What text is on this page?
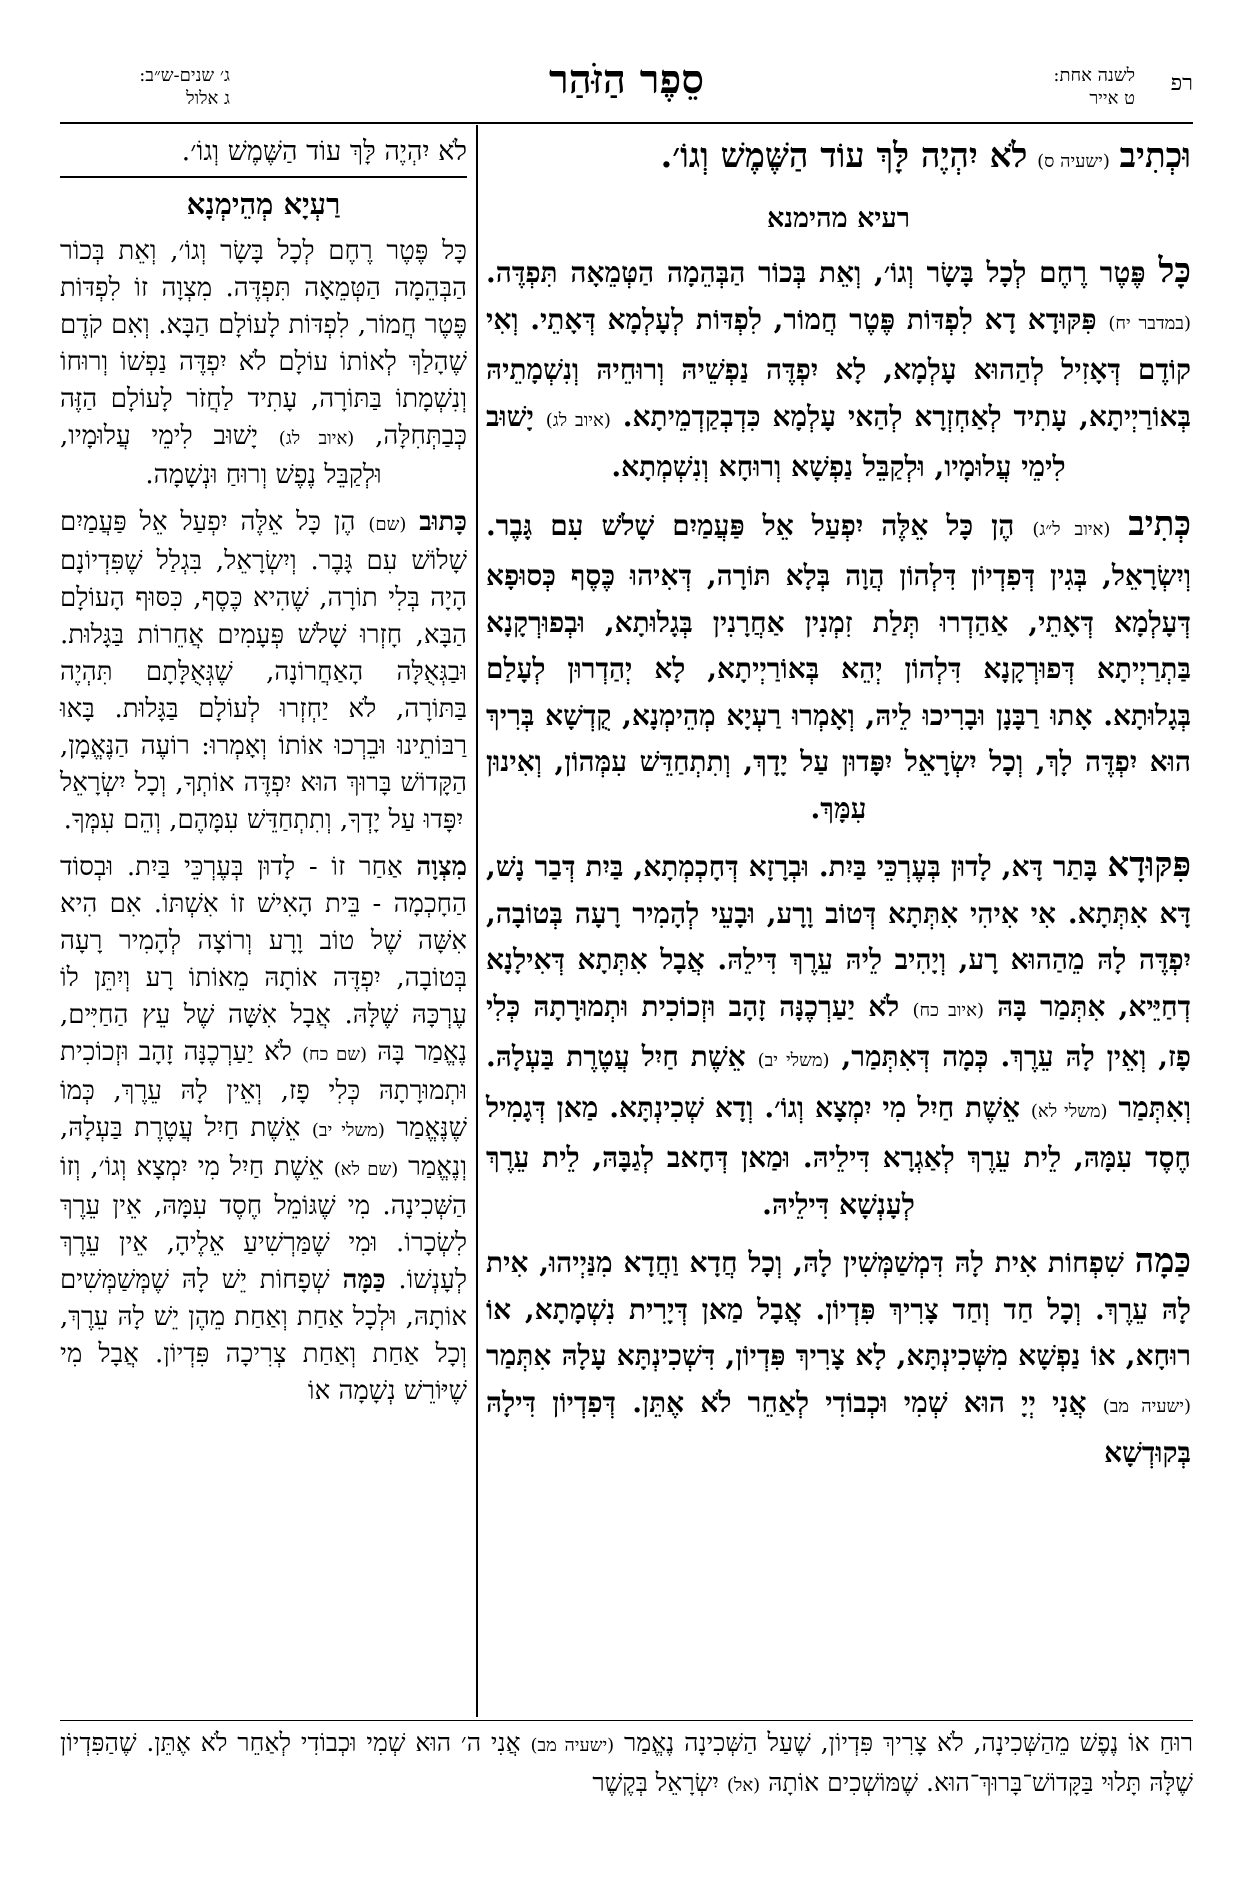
רפ
לשנה אחת:
ט אייר
סֵפֶר הַזֹּהַר
ג׳ שנים-ש״ב:
ג אלול

וּכְתִיב (ישעיה ס) לֹא יִהְיֶה לָּךְ עוֹד הַשֶּׁמֶשׁ וְגוֹ׳.

רעיא מהימנא

כָּל פֶּטֶר רֶחֶם לְכָל בָּשָׂר וְגוֹ׳, וְאֵת בְּכוֹר הַבְּהֵמָה הַטְּמֵאָה תִּפְדֶּה. (במדבר יח) פִּקּוּדָא דָא לִפְדּוֹת פֶּטֶר חֲמוֹר, לִפְדּוֹת לְעָלְמָא דְּאָתֵי. וְאִי קוֹדֶם דְּאָזִיל לְהַהוּא עָלְמָא, לָא יִפְדֶּה נַפְשֵׁיהּ וְרוּחֵיהּ וְנִשְׁמָתֵיהּ בְּאוֹרַיְיתָא, עָתִיד לְאַחְזְרָא לְהַאי עָלְמָא כִּדְבְקַדְמֵיתָא. (איוב לג) יָשׁוּב לִימֵי עֲלוּמָיו, וּלְקַבֵּל נַפְשָׁא וְרוּחָא וְנִשְׁמְתָא.

כְּתִיב (איוב ל״ג) הֶן כָּל אֵלֶּה יִפְעַל אֵל פַּעֲמַיִם שָׁלֹשׁ עִם גָּבֶר. וְיִשְׂרָאֵל, בְּגִין דְּפִדְיוֹן דִּלְהוֹן הֲוָה בְּלָא תּוֹרָה, דְּאִיהוּ כֶּסֶף כְּסוּפָא דְּעָלְמָא דְּאָתֵי, אַהַדְרוּ תְּלַת זִמְנִין אַחֲרָנִין בְּגָלוּתָא, וּבְפוּרְקָנָא בַּתְרַיְיתָא דְּפוּרְקָנָא דִּלְהוֹן יְהֵא בְּאוֹרַיְיתָא, לָא יְהַדְרוּן לְעָלַם בְּגָלוּתָא. אָתוּ רַבָּנָן וּבָרִיכוּ לֵיהּ, וְאָמְרוּ רַעְיָא מְהֵימְנָא, קֻדְשָׁא בְּרִיךְ הוּא יִפְדֶּה לָךְ, וְכָל יִשְׂרָאֵל יִפָּדוּן עַל יָדָךְ, וְתִתְחַדֵּשׁ עִמְּהוֹן, וְאִינוּן עִמָּךְ.

פִּקּוּדָא בָּתַר דָּא, לָדוּן בְּעֶרְכֵּי בַּיִת. וּבְרָזָא דְּחָכְמְתָא, בַּיִת דְּבַר נָשׁ, דָּא אִתְּתָא. אִי אִיהִי אִתְּתָא דְּטוֹב וָרָע, וּבָעֵי לְהָמִיר רָעָה בְּטוֹבָה, יִפְדֶּה לָהּ מֵהַהוּא רָע, וְיָהִיב לֵיהּ עֵרֶךְ דִּילֵהּ. אֲבָל אִתְּתָא דְּאִילָנָא דְחַיֵּיא, אִתְּמַר בָּהּ (איוב כח) לֹא יַעַרְכֶנָּה זָהָב וּזְכוֹכִית וּתְמוּרָתָהּ כְּלִי פָז, וְאֵין לָהּ עֵרֶךְ. כְּמָה דְּאִתְּמַר, (משלי יב) אֵשֶׁת חַיִל עֲטֶרֶת בַּעְלָהּ. וְאִתְּמַר (משלי לא) אֵשֶׁת חַיִל מִי יִמְצָא וְגוֹ׳. וְדָא שְׁכִינְתָּא. מַאן דְּגָמִיל חֶסֶד עִמָּהּ, לֵית עֵרֶךְ לְאַגְרָא דִּילֵיהּ. וּמַאן דְּחָאב לְגַבָּהּ, לֵית עֵרֶךְ לְעָנְשָׁא דִּילֵיהּ.

כַּמָה שִׁפְחוֹת אִית לָהּ דִּמְשַׁמְּשִׁין לָהּ, וְכָל חֲדָא וַחֲדָא מִנַּיְיהוּ, אִית לָהּ עֵרֶךְ. וְכָל חַד וְחַד צָרִיךְ פִּדְיוֹן. אֲבָל מַאן דְּיָרִית נִשְׁמָתָא, אוֹ רוּחָא, אוֹ נַפְשָׁא מִשְּׁכִינְתָּא, לָא צָרִיךְ פִּדְיוֹן, דִּשְׁכִינְתָּא עָלָהּ אִתְּמַר (ישעיה מב) אֲנִי יְיָ הוּא שְׁמִי וּכְבוֹדִי לְאַחֵר לֹא אֶתֵּן. דְּפִדְיוֹן דִּילָהּ בְּקוּדְשָׁא

לֹא יִהְיֶה לָּךְ עוֹד הַשֶּׁמֶשׁ וְגוֹ׳.

רַעְיָא מְהֵימְנָא

כָּל פֶּטֶר רֶחֶם לְכָל בָּשָׂר וְגוֹ׳, וְאֵת בְּכוֹר הַבְּהֵמָה הַטְּמֵאָה תִּפְדֶּה. מִצְוָה זוֹ לִפְדּוֹת פֶּטֶר חֲמוֹר, לִפְדּוֹת לָעוֹלָם הַבָּא. וְאִם קֹדֶם שֶׁהָלַךְ לְאוֹתוֹ עוֹלָם לֹא יִפְדֶּה נַפְשׁוֹ וְרוּחוֹ וְנִשְׁמָתוֹ בַּתּוֹרָה, עָתִיד לַחֲזֹר לָעוֹלָם הַזֶּה כְּבַתְּחִלָּה, (איוב לג) יָשׁוּב לִימֵי עֲלוּמָיו, וּלְקַבֵּל נֶפֶשׁ וְרוּחַ וּנְשָׁמָה.

כָּתוּב (שם) הֶן כָּל אֵלֶּה יִפְעַל אֵל פַּעֲמַיִם שָׁלוֹשׁ עִם גָּבֶר. וְיִשְׂרָאֵל, בִּגְלַל שֶׁפִּדְיוֹנָם הָיָה בְּלִי תוֹרָה, שֶׁהִיא כֶּסֶף, כִּסּוּף הָעוֹלָם הַבָּא, חָזְרוּ שָׁלֹשׁ פְּעָמִים אֲחֵרוֹת בַּגָּלוּת. וּבַגְּאֻלָּה הָאַחֲרוֹנָה, שֶׁגְּאֻלָּתָם תִּהְיֶה בַּתּוֹרָה, לֹא יַחְזְרוּ לְעוֹלָם בַּגָּלוּת. בָּאוּ רַבּוֹתֵינוּ וּבֵרְכוּ אוֹתוֹ וְאָמְרוּ: רוֹעֶה הַנֶּאֱמָן, הַקָּדוֹשׁ בָּרוּךְ הוּא יִפְדֶּה אוֹתְךָ, וְכָל יִשְׂרָאֵל יִפָּדוּ עַל יָדְךָ, וְתִתְחַדֵּשׁ עִמָּהֶם, וְהֵם עִמְּךָ.

מִצְוָה אַחַר זוֹ - לָדוּן בְּעֶרְכֵּי בַּיִת. וּבְסוֹד הַחָכְמָה - בֵּית הָאִישׁ זוֹ אִשְׁתּוֹ. אִם הִיא אִשָּׁה שֶׁל טוֹב וָרָע וְרוֹצָה לְהָמִיר רָעָה בְּטוֹבָה, יִפְדֶּה אוֹתָהּ מֵאוֹתוֹ רָע וְיִתֵּן לוֹ עֶרְכָּהּ שֶׁלָּהּ. אֲבָל אִשָּׁה שֶׁל עֵץ הַחַיִּים, נֶאֱמַר בָּהּ (שם כח) לֹא יַעַרְכֶנָּה זָהָב וּזְכוֹכִית וּתְמוּרָתָהּ כְּלִי פָז, וְאֵין לָהּ עֵרֶךְ, כְּמוֹ שֶׁנֶּאֱמַר (משלי יב) אֵשֶׁת חַיִל עֲטֶרֶת בַּעְלָהּ, וְנֶאֱמַר (שם לא) אֵשֶׁת חַיִל מִי יִמְצָא וְגוֹ׳, וְזוֹ הַשְּׁכִינָה. מִי שֶׁגּוֹמֵל חֶסֶד עִמָּהּ, אֵין עֵרֶךְ לִשְׂכָרוֹ. וּמִי שֶׁמַּרְשִׁיעַ אֵלֶיהָ, אֵין עֵרֶךְ לְעָנְשׁוֹ. כַּמָּה שְׁפָחוֹת יֵשׁ לָהּ שֶׁמְּשַׁמְּשִׁים אוֹתָהּ, וּלְכָל אַחַת וְאַחַת מֵהֶן יֵשׁ לָהּ עֵרֶךְ, וְכָל אַחַת וְאַחַת צְרִיכָה פִּדְיוֹן. אֲבָל מִי שֶׁיּוֹרֵשׁ נְשָׁמָה אוֹ

רוּחַ אוֹ נֶפֶשׁ מֵהַשְּׁכִינָה, לֹא צָרִיךְ פִּדְיוֹן, שֶׁעַל הַשְּׁכִינָה נֶאֱמַר (ישעיה מב) אֲנִי ה׳ הוּא שְׁמִי וּכְבוֹדִי לְאַחֵר לֹא אֶתֵּן. שֶׁהַפִּדְיוֹן שֶׁלָּהּ תָּלוּי בַּקָּדוֹשׁ־בָּרוּךְ־הוּא. שֶׁמּוֹשְׁכִים אוֹתָהּ (אל) יִשְׂרָאֵל בְּקֶשֶׁר
